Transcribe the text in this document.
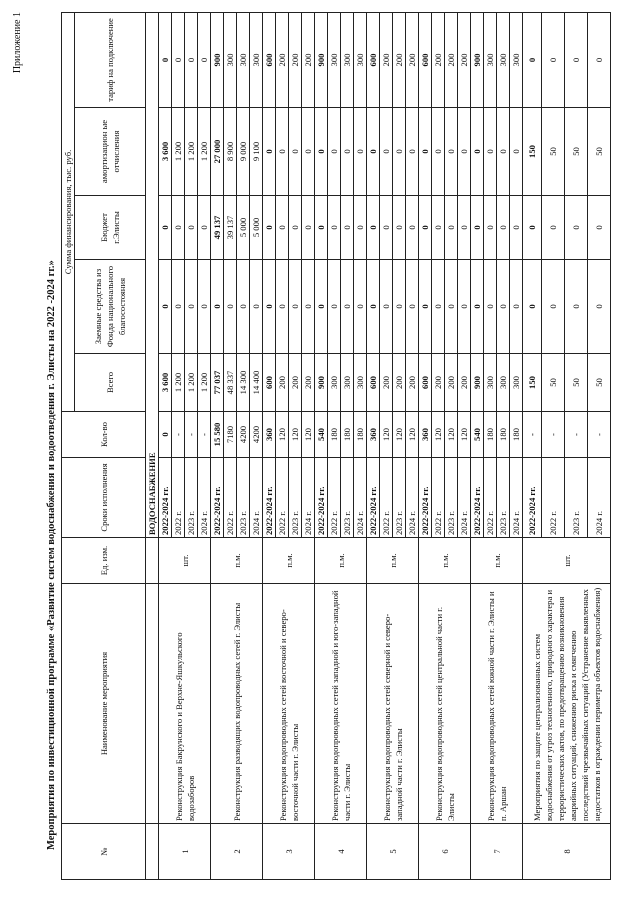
Приложение 1
Мероприятия по инвестиционной программе «Развитие систем водоснабжения и водоотведения г. Элисты на 2022 -2024 гг.»
№	Наименование мероприятия	Ед. изм.	Сроки исполнения	Кол-во	Сумма финансирования, тыс. руб.				
					Всего	Заемные средства из Фонда национального благосостояния	Бюджет г.Элисты	амортизацион ые отчисления	тариф на подключение
			ВОДОСНАБЖЕНИЕ						
1	Реконструкция Бакрунского и Верхне-Яшкульского водозаборов	шт.	2022-2024 гг.	0	3 600	0	0	3 600	0
			2022 г.	-	1 200	0	0	1 200	0
			2023 г.	-	1 200	0	0	1 200	0
			2024 г.	-	1 200	0	0	1 200	0
2	Реконструкция разводящих водопроводных сетей г. Элисты	п.м.	2022-2024 гг.	15 580	77 037	0	49 137	27 000	900
			2022 г.	7180	48 337	0	39 137	8 900	300
			2023 г.	4200	14 300	0	5 000	9 000	300
			2024 г.	4200	14 400	0	5 000	9 100	300
3	Реконструкция водопроводных сетей восточной и северо-восточной части г. Элисты	п.м.	2022-2024 гг.	360	600	0	0	0	600
			2022 г.	120	200	0	0	0	200
			2023 г.	120	200	0	0	0	200
			2024 г.	120	200	0	0	0	200
4	Реконструкция водопроводных сетей западной и юго-западной части г. Элисты	п.м.	2022-2024 гг.	540	900	0	0	0	900
			2022 г.	180	300	0	0	0	300
			2023 г.	180	300	0	0	0	300
			2024 г.	180	300	0	0	0	300
5	Реконструкция водопроводных сетей северной и северо-западной части г. Элисты	п.м.	2022-2024 гг.	360	600	0	0	0	600
			2022 г.	120	200	0	0	0	200
			2023 г.	120	200	0	0	0	200
			2024 г.	120	200	0	0	0	200
6	Реконструкция водопроводных сетей центральной части г. Элисты	п.м.	2022-2024 гг.	360	600	0	0	0	600
			2022 г.	120	200	0	0	0	200
			2023 г.	120	200	0	0	0	200
			2024 г.	120	200	0	0	0	200
7	Реконструкция водопроводных сетей южной части г. Элисты и п. Аршан	п.м.	2022-2024 гг.	540	900	0	0	0	900
			2022 г.	180	300	0	0	0	300
			2023 г.	180	300	0	0	0	300
			2024 г.	180	300	0	0	0	300
8	Мероприятия по защите централизованных систем водоснабжения от угроз техногенного, природного характера и террористических актов, по предотвращению возникновения аварийных ситуаций, снижению риска и смягчению последствий чрезвычайных ситуаций (Устранение выявленных недостатков в ограждении периметра объектов водоснабжения)	шт.	2022-2024 гг.	-	150	0	0	150	0
			2022 г.	-	50	0	0	50	0
			2023 г.	-	50	0	0	50	0
			2024 г.	-	50	0	0	50	0
